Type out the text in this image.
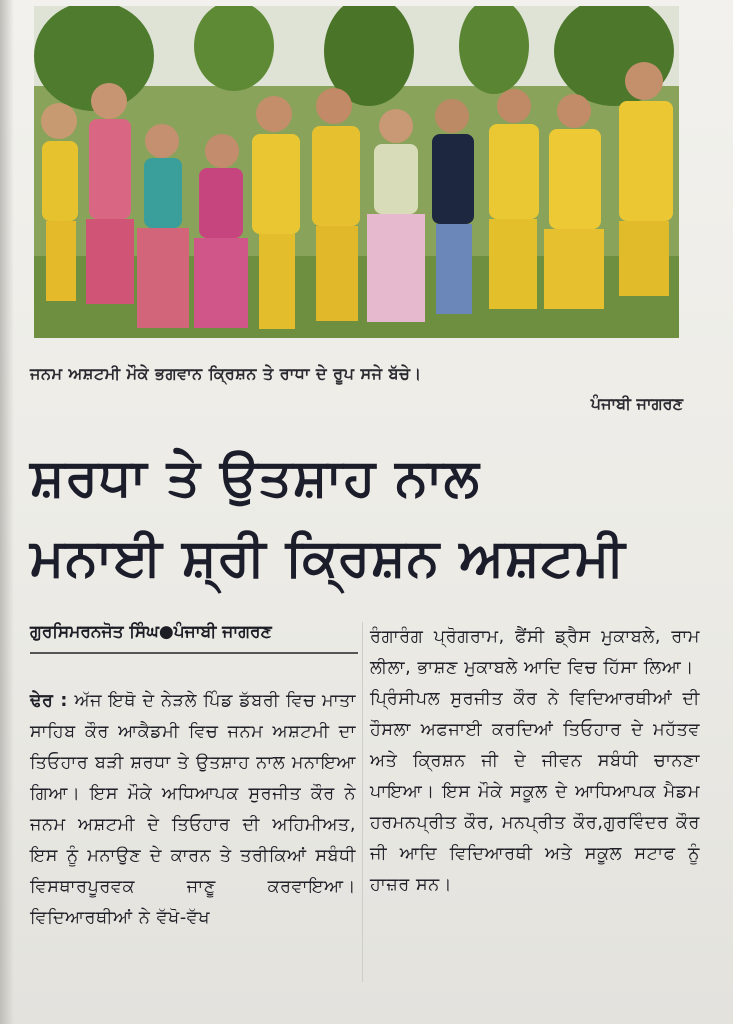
ਜਨਮ ਅਸ਼ਟਮੀ ਮੌਕੇ ਭਗਵਾਨ ਕ੍ਰਿਸ਼ਨ ਤੇ ਰਾਧਾ ਦੇ ਰੂਪ ਸਜੇ ਬੱਚੇ।
ਪੰਜਾਬੀ ਜਾਗਰਣ
ਸ਼ਰਧਾ ਤੇ ਉਤਸ਼ਾਹ ਨਾਲ
ਮਨਾਈ ਸ਼੍ਰੀ ਕ੍ਰਿਸ਼ਨ ਅਸ਼ਟਮੀ
ਗੁਰਸਿਮਰਨਜੋਤ ਸਿੰਘ●ਪੰਜਾਬੀ ਜਾਗਰਣ

ਢੇਰ : ਅੱਜ ਇਥੋ ਦੇ ਨੇੜਲੇ ਪਿੰਡ ਡੱਬਰੀ ਵਿਚ ਮਾਤਾ ਸਾਹਿਬ ਕੌਰ ਆਕੈਡਮੀ ਵਿਚ ਜਨਮ ਅਸ਼ਟਮੀ ਦਾ ਤਿਓਹਾਰ ਬੜੀ ਸ਼ਰਧਾ ਤੇ ਉਤਸ਼ਾਹ ਨਾਲ ਮਨਾਇਆ ਗਿਆ। ਇਸ ਮੌਕੇ ਅਧਿਆਪਕ ਸੁਰਜੀਤ ਕੌਰ ਨੇ ਜਨਮ ਅਸ਼ਟਮੀ ਦੇ ਤਿਓਹਾਰ ਦੀ ਅਹਿਮੀਅਤ, ਇਸ ਨੂੰ ਮਨਾਉਣ ਦੇ ਕਾਰਨ ਤੇ ਤਰੀਕਿਆਂ ਸਬੰਧੀ ਵਿਸਥਾਰਪੂਰਵਕ ਜਾਣੂ ਕਰਵਾਇਆ। ਵਿਦਿਆਰਥੀਆਂ ਨੇ ਵੱਖੋ-ਵੱਖ

ਰੰਗਾਰੰਗ ਪ੍ਰੋਗਰਾਮ, ਫੈਂਸੀ ਡ੍ਰੈਸ ਮੁਕਾਬਲੇ, ਰਾਮ ਲੀਲਾ, ਭਾਸ਼ਣ ਮੁਕਾਬਲੇ ਆਦਿ ਵਿਚ ਹਿੱਸਾ ਲਿਆ।

ਪ੍ਰਿੰਸੀਪਲ ਸੁਰਜੀਤ ਕੌਰ ਨੇ ਵਿਦਿਆਰਥੀਆਂ ਦੀ ਹੌਸਲਾ ਅਫਜਾਈ ਕਰਦਿਆਂ ਤਿਓਹਾਰ ਦੇ ਮਹੱਤਵ ਅਤੇ ਕ੍ਰਿਸ਼ਨ ਜੀ ਦੇ ਜੀਵਨ ਸਬੰਧੀ ਚਾਨਣਾ ਪਾਇਆ। ਇਸ ਮੌਕੇ ਸਕੂਲ ਦੇ ਆਧਿਆਪਕ ਮੈਡਮ ਹਰਮਨਪ੍ਰੀਤ ਕੌਰ, ਮਨਪ੍ਰੀਤ ਕੌਰ,ਗੁਰਵਿੰਦਰ ਕੌਰ ਜੀ ਆਦਿ ਵਿਦਿਆਰਥੀ ਅਤੇ ਸਕੂਲ ਸਟਾਫ ਨੂੰ ਹਾਜ਼ਰ ਸਨ।
